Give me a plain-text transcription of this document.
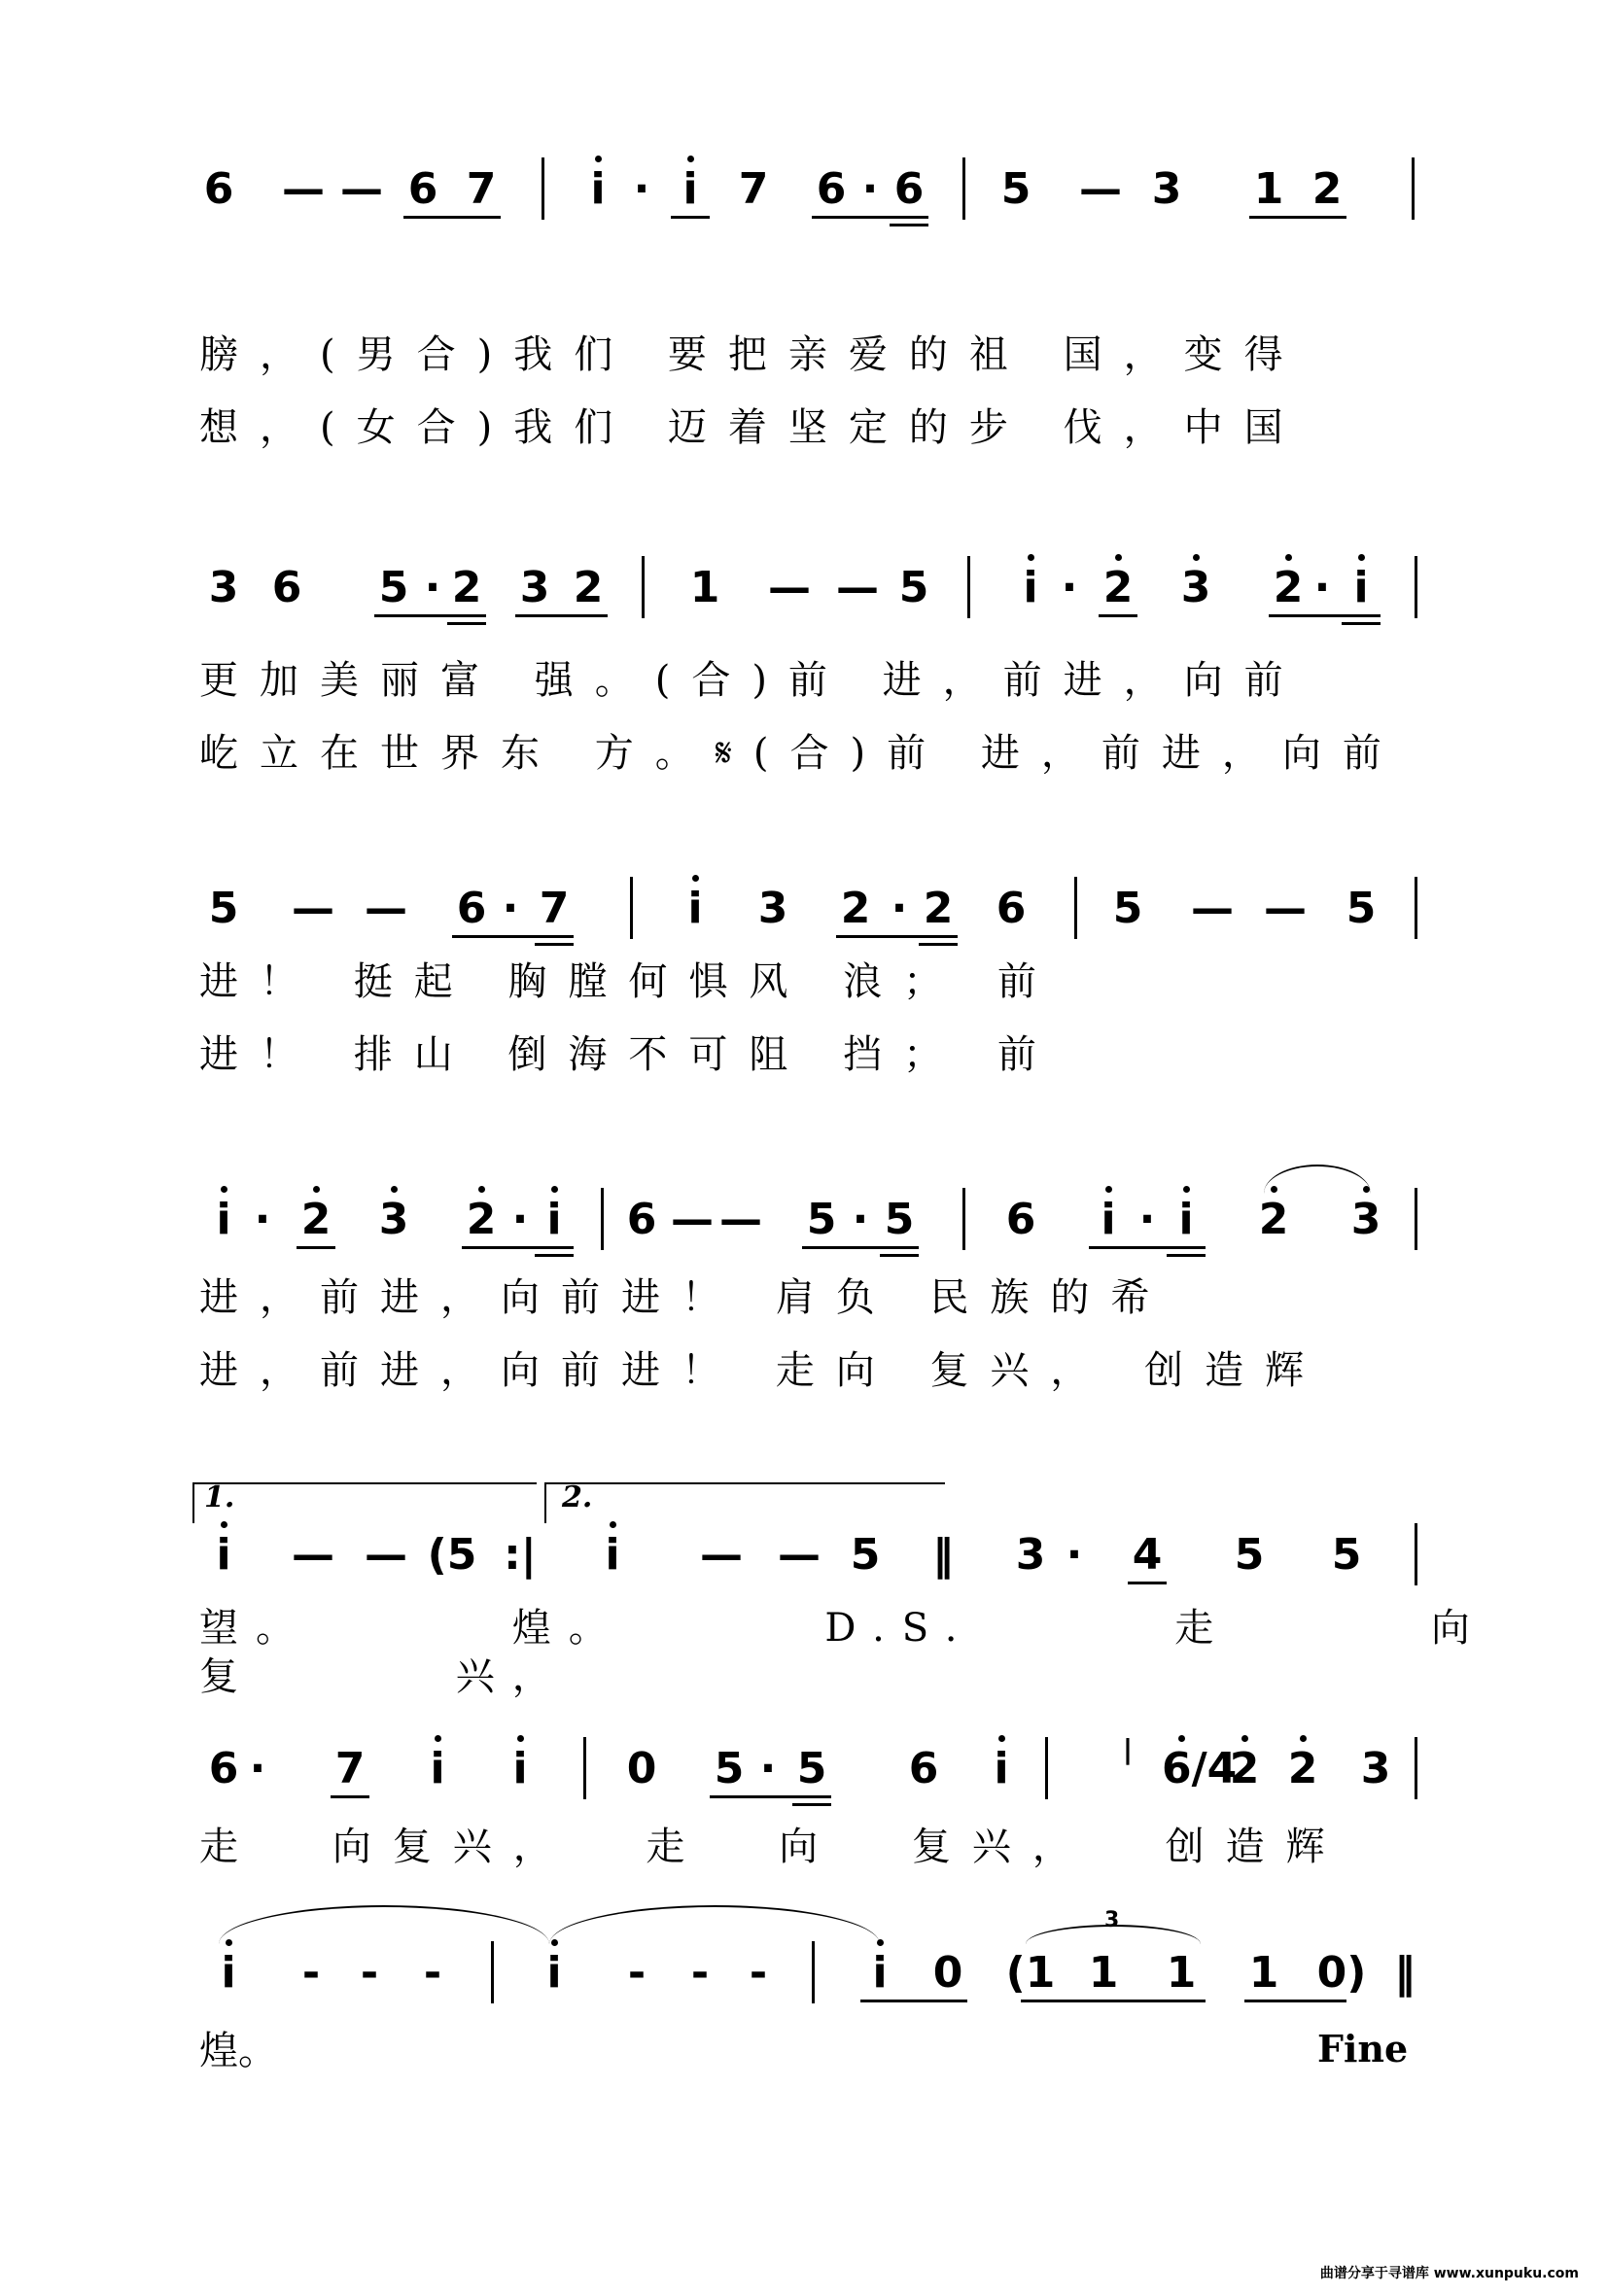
6 — — 6 7 i · i 7 6 · 6 5 — 3 1 2
膀，(男合)我们 要把亲爱的祖 国，变得
想，(女合)我们 迈着坚定的步 伐，中国
3 6 5 · 2 3 2 1 — — 5 i · 2 3 2 · i
更加美丽富 强。(合)前 进，前进，向前
屹立在世界东 方。𝄋(合)前 进，前进，向前
5 — — 6 · 7	i 3 2 · 2 6 5 — — 5
进！ 挺起 胸膛何惧风 浪； 前
进！ 排山 倒海不可阻 挡； 前
i · 2 3 2 · i 6 — — 5 · 5 6 i · i 2 3
进，前进，向前进！ 肩负 民族的希
进，前进，向前进！ 走向 复兴， 创造辉
1.	2.
i — — (5 :| i — — 5 ‖ 3 · 4 5 5
望。 煌。 D.S. 走 向 复 兴，
6 · 7 i i 0 5 · 5 6 i	| 6/4
2 2 3
走 向复兴， 走 向 复兴， 创造辉
i - - - i - - - i 0 (1 1 1 1 0)
3
‖
煌。	Fine
曲谱分享于寻谱库 www.xunpuku.com
